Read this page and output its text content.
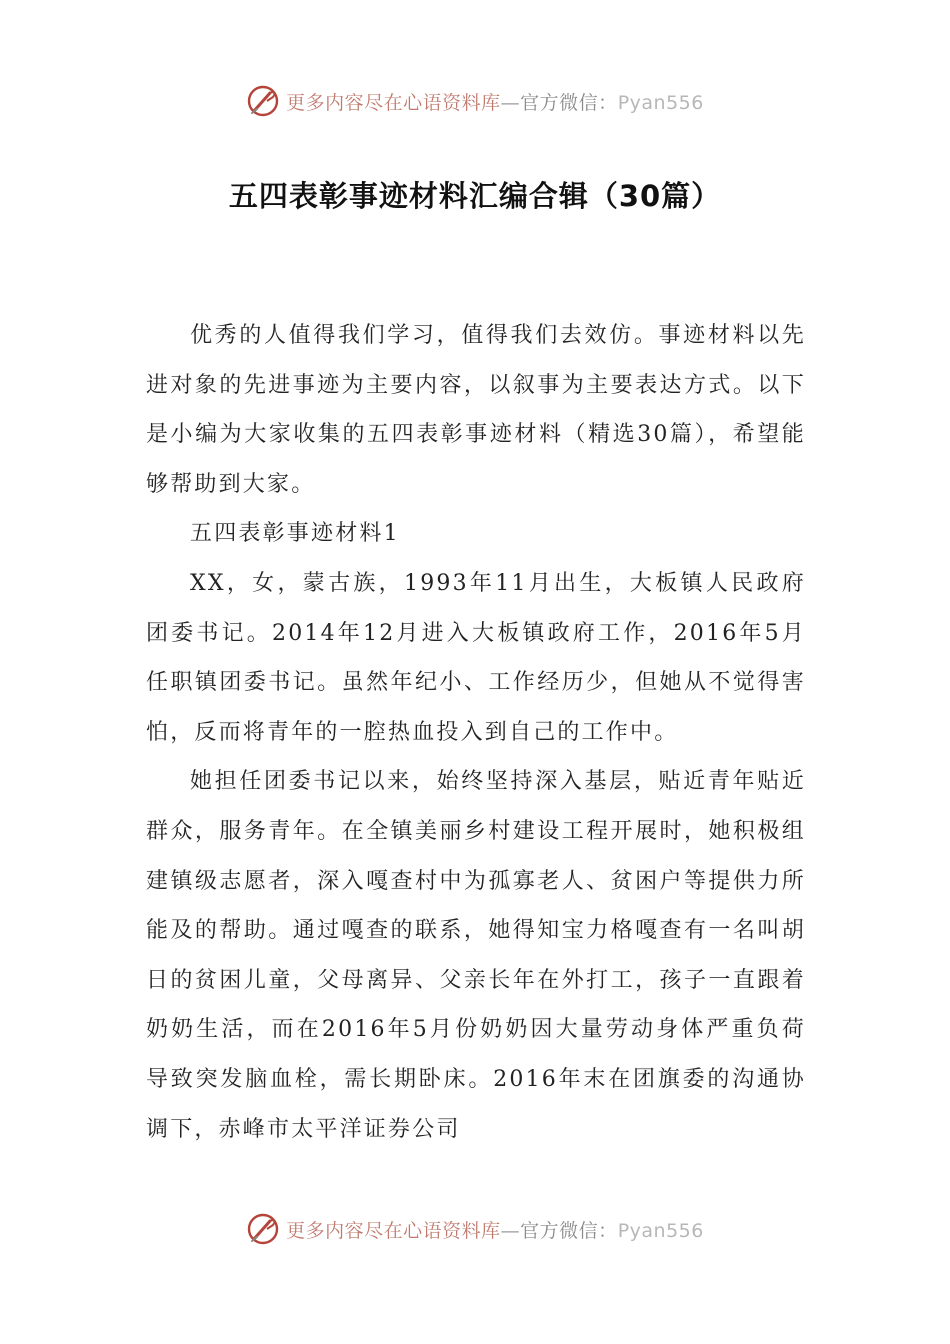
更多内容尽在心语资料库—官方微信：Pyan556
五四表彰事迹材料汇编合辑（30篇）

优秀的人值得我们学习，值得我们去效仿。事迹材料以先进对象的先进事迹为主要内容，以叙事为主要表达方式。以下是小编为大家收集的五四表彰事迹材料（精选30篇），希望能够帮助到大家。

五四表彰事迹材料1

XX，女，蒙古族，1993年11月出生，大板镇人民政府团委书记。2014年12月进入大板镇政府工作，2016年5月任职镇团委书记。虽然年纪小、工作经历少，但她从不觉得害怕，反而将青年的一腔热血投入到自己的工作中。

她担任团委书记以来，始终坚持深入基层，贴近青年贴近群众，服务青年。在全镇美丽乡村建设工程开展时，她积极组建镇级志愿者，深入嘎查村中为孤寡老人、贫困户等提供力所能及的帮助。通过嘎查的联系，她得知宝力格嘎查有一名叫胡日的贫困儿童，父母离异、父亲长年在外打工，孩子一直跟着奶奶生活，而在2016年5月份奶奶因大量劳动身体严重负荷导致突发脑血栓，需长期卧床。2016年末在团旗委的沟通协调下，赤峰市太平洋证券公司

更多内容尽在心语资料库—官方微信：Pyan556
